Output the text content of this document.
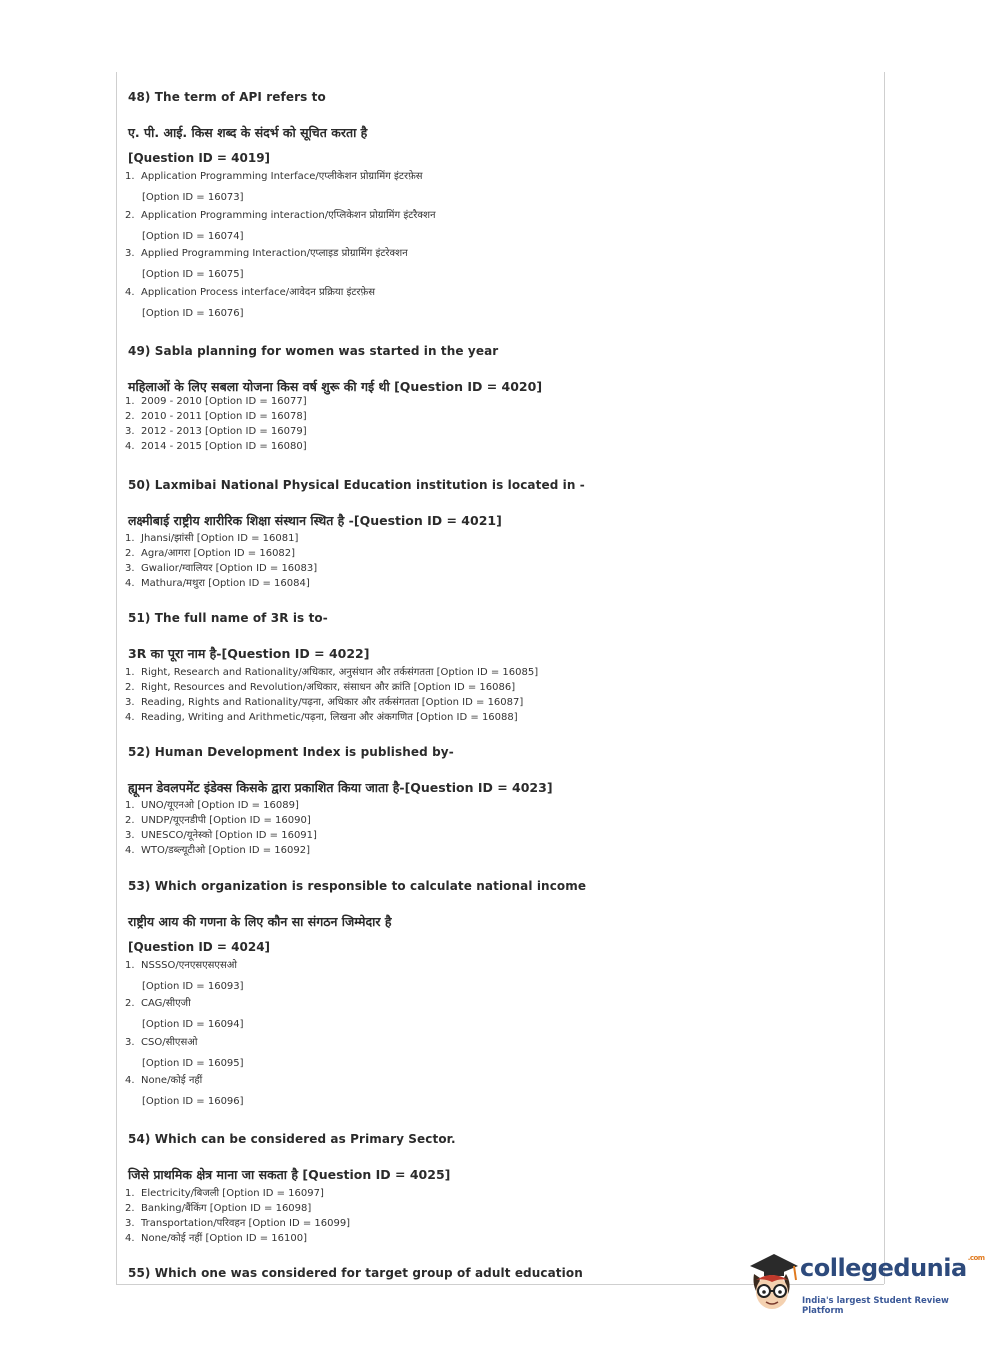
48) The term of API refers to
ए. पी. आई. किस शब्द के संदर्भ को सूचित करता है
[Question ID = 4019]
1. Application Programming Interface/एप्लीकेशन प्रोग्रामिंग इंटरफ़ेस
[Option ID = 16073]
2. Application Programming interaction/एप्लिकेशन प्रोग्रामिंग इंटरैक्शन
[Option ID = 16074]
3. Applied Programming Interaction/एप्लाइड प्रोग्रामिंग इंटरेक्शन
[Option ID = 16075]
4. Application Process interface/आवेदन प्रक्रिया इंटरफ़ेस
[Option ID = 16076]
49) Sabla planning for women was started in the year
महिलाओं के लिए सबला योजना किस वर्ष शुरू की गई थी [Question ID = 4020]
1. 2009 - 2010 [Option ID = 16077]
2. 2010 - 2011 [Option ID = 16078]
3. 2012 - 2013 [Option ID = 16079]
4. 2014 - 2015 [Option ID = 16080]
50) Laxmibai National Physical Education institution is located in -
लक्ष्मीबाई राष्ट्रीय शारीरिक शिक्षा संस्थान स्थित है -[Question ID = 4021]
1. Jhansi/झांसी [Option ID = 16081]
2. Agra/आगरा [Option ID = 16082]
3. Gwalior/ग्वालियर [Option ID = 16083]
4. Mathura/मथुरा [Option ID = 16084]
51) The full name of 3R is to-
3R का पूरा नाम है-[Question ID = 4022]
1. Right, Research and Rationality/अधिकार, अनुसंधान और तर्कसंगतता [Option ID = 16085]
2. Right, Resources and Revolution/अधिकार, संसाधन और क्रांति [Option ID = 16086]
3. Reading, Rights and Rationality/पढ़ना, अधिकार और तर्कसंगतता [Option ID = 16087]
4. Reading, Writing and Arithmetic/पढ़ना, लिखना और अंकगणित [Option ID = 16088]
52) Human Development Index is published by-
ह्यूमन डेवलपमेंट इंडेक्स किसके द्वारा प्रकाशित किया जाता है-[Question ID = 4023]
1. UNO/यूएनओ [Option ID = 16089]
2. UNDP/यूएनडीपी [Option ID = 16090]
3. UNESCO/यूनेस्को [Option ID = 16091]
4. WTO/डब्ल्यूटीओ [Option ID = 16092]
53) Which organization is responsible to calculate national income
राष्ट्रीय आय की गणना के लिए कौन सा संगठन जिम्मेदार है
[Question ID = 4024]
1. NSSSO/एनएसएसएसओ
[Option ID = 16093]
2. CAG/सीएजी
[Option ID = 16094]
3. CSO/सीएसओ
[Option ID = 16095]
4. None/कोई नहीं
[Option ID = 16096]
54) Which can be considered as Primary Sector.
जिसे प्राथमिक क्षेत्र माना जा सकता है [Question ID = 4025]
1. Electricity/बिजली [Option ID = 16097]
2. Banking/बैंकिंग [Option ID = 16098]
3. Transportation/परिवहन [Option ID = 16099]
4. None/कोई नहीं [Option ID = 16100]
55) Which one was considered for target group of adult education	collegedunia$^{.com}$
India's largest Student Review Platform
